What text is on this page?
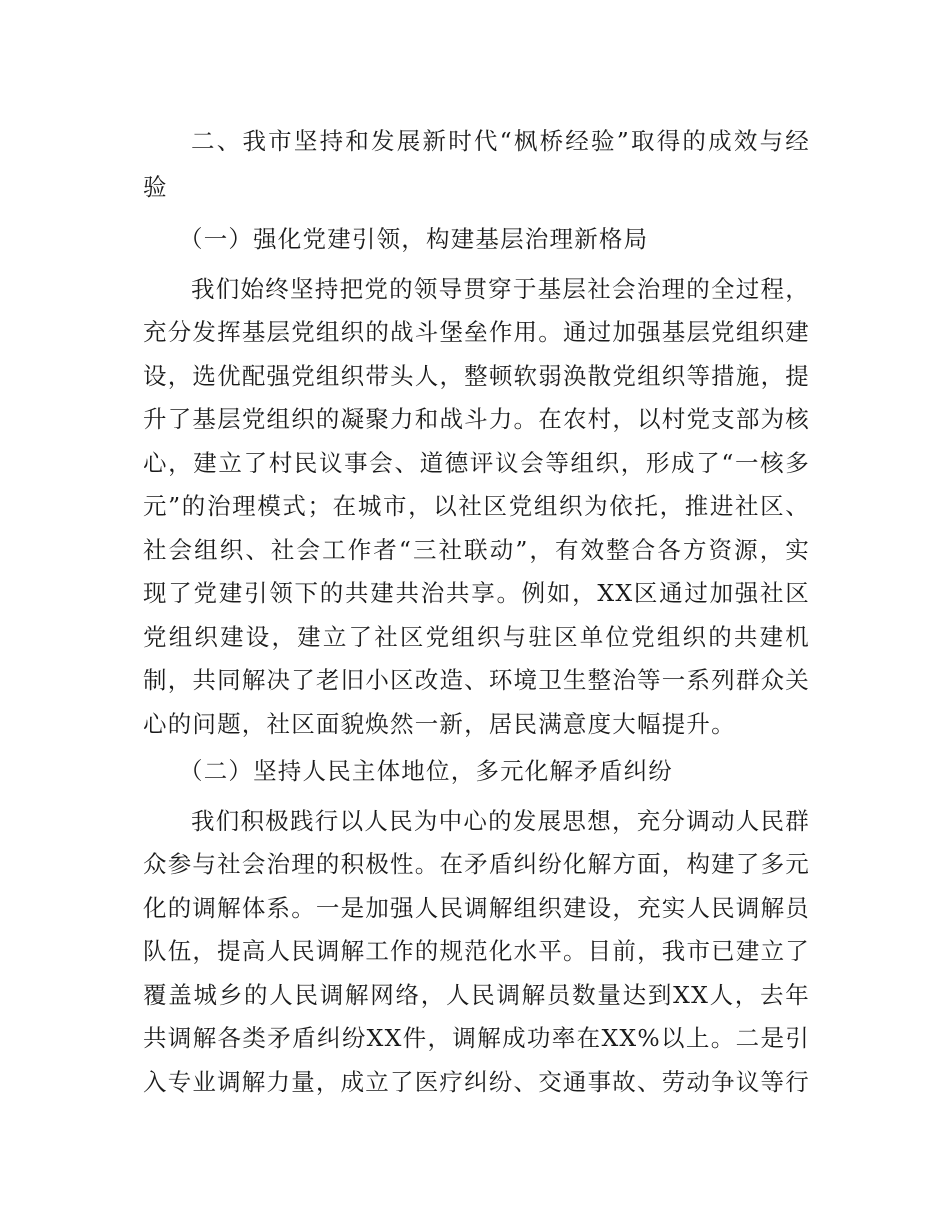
二、我市坚持和发展新时代“枫桥经验”取得的成效与经验

（一）强化党建引领，构建基层治理新格局

我们始终坚持把党的领导贯穿于基层社会治理的全过程，充分发挥基层党组织的战斗堡垒作用。通过加强基层党组织建设，选优配强党组织带头人，整顿软弱涣散党组织等措施，提升了基层党组织的凝聚力和战斗力。在农村，以村党支部为核心，建立了村民议事会、道德评议会等组织，形成了“一核多元”的治理模式；在城市，以社区党组织为依托，推进社区、社会组织、社会工作者“三社联动”，有效整合各方资源，实现了党建引领下的共建共治共享。例如，XX区通过加强社区党组织建设，建立了社区党组织与驻区单位党组织的共建机制，共同解决了老旧小区改造、环境卫生整治等一系列群众关心的问题，社区面貌焕然一新，居民满意度大幅提升。

（二）坚持人民主体地位，多元化解矛盾纠纷

我们积极践行以人民为中心的发展思想，充分调动人民群众参与社会治理的积极性。在矛盾纠纷化解方面，构建了多元化的调解体系。一是加强人民调解组织建设，充实人民调解员队伍，提高人民调解工作的规范化水平。目前，我市已建立了覆盖城乡的人民调解网络，人民调解员数量达到XX人，去年共调解各类矛盾纠纷XX件，调解成功率在XX%以上。二是引入专业调解力量，成立了医疗纠纷、交通事故、劳动争议等行
